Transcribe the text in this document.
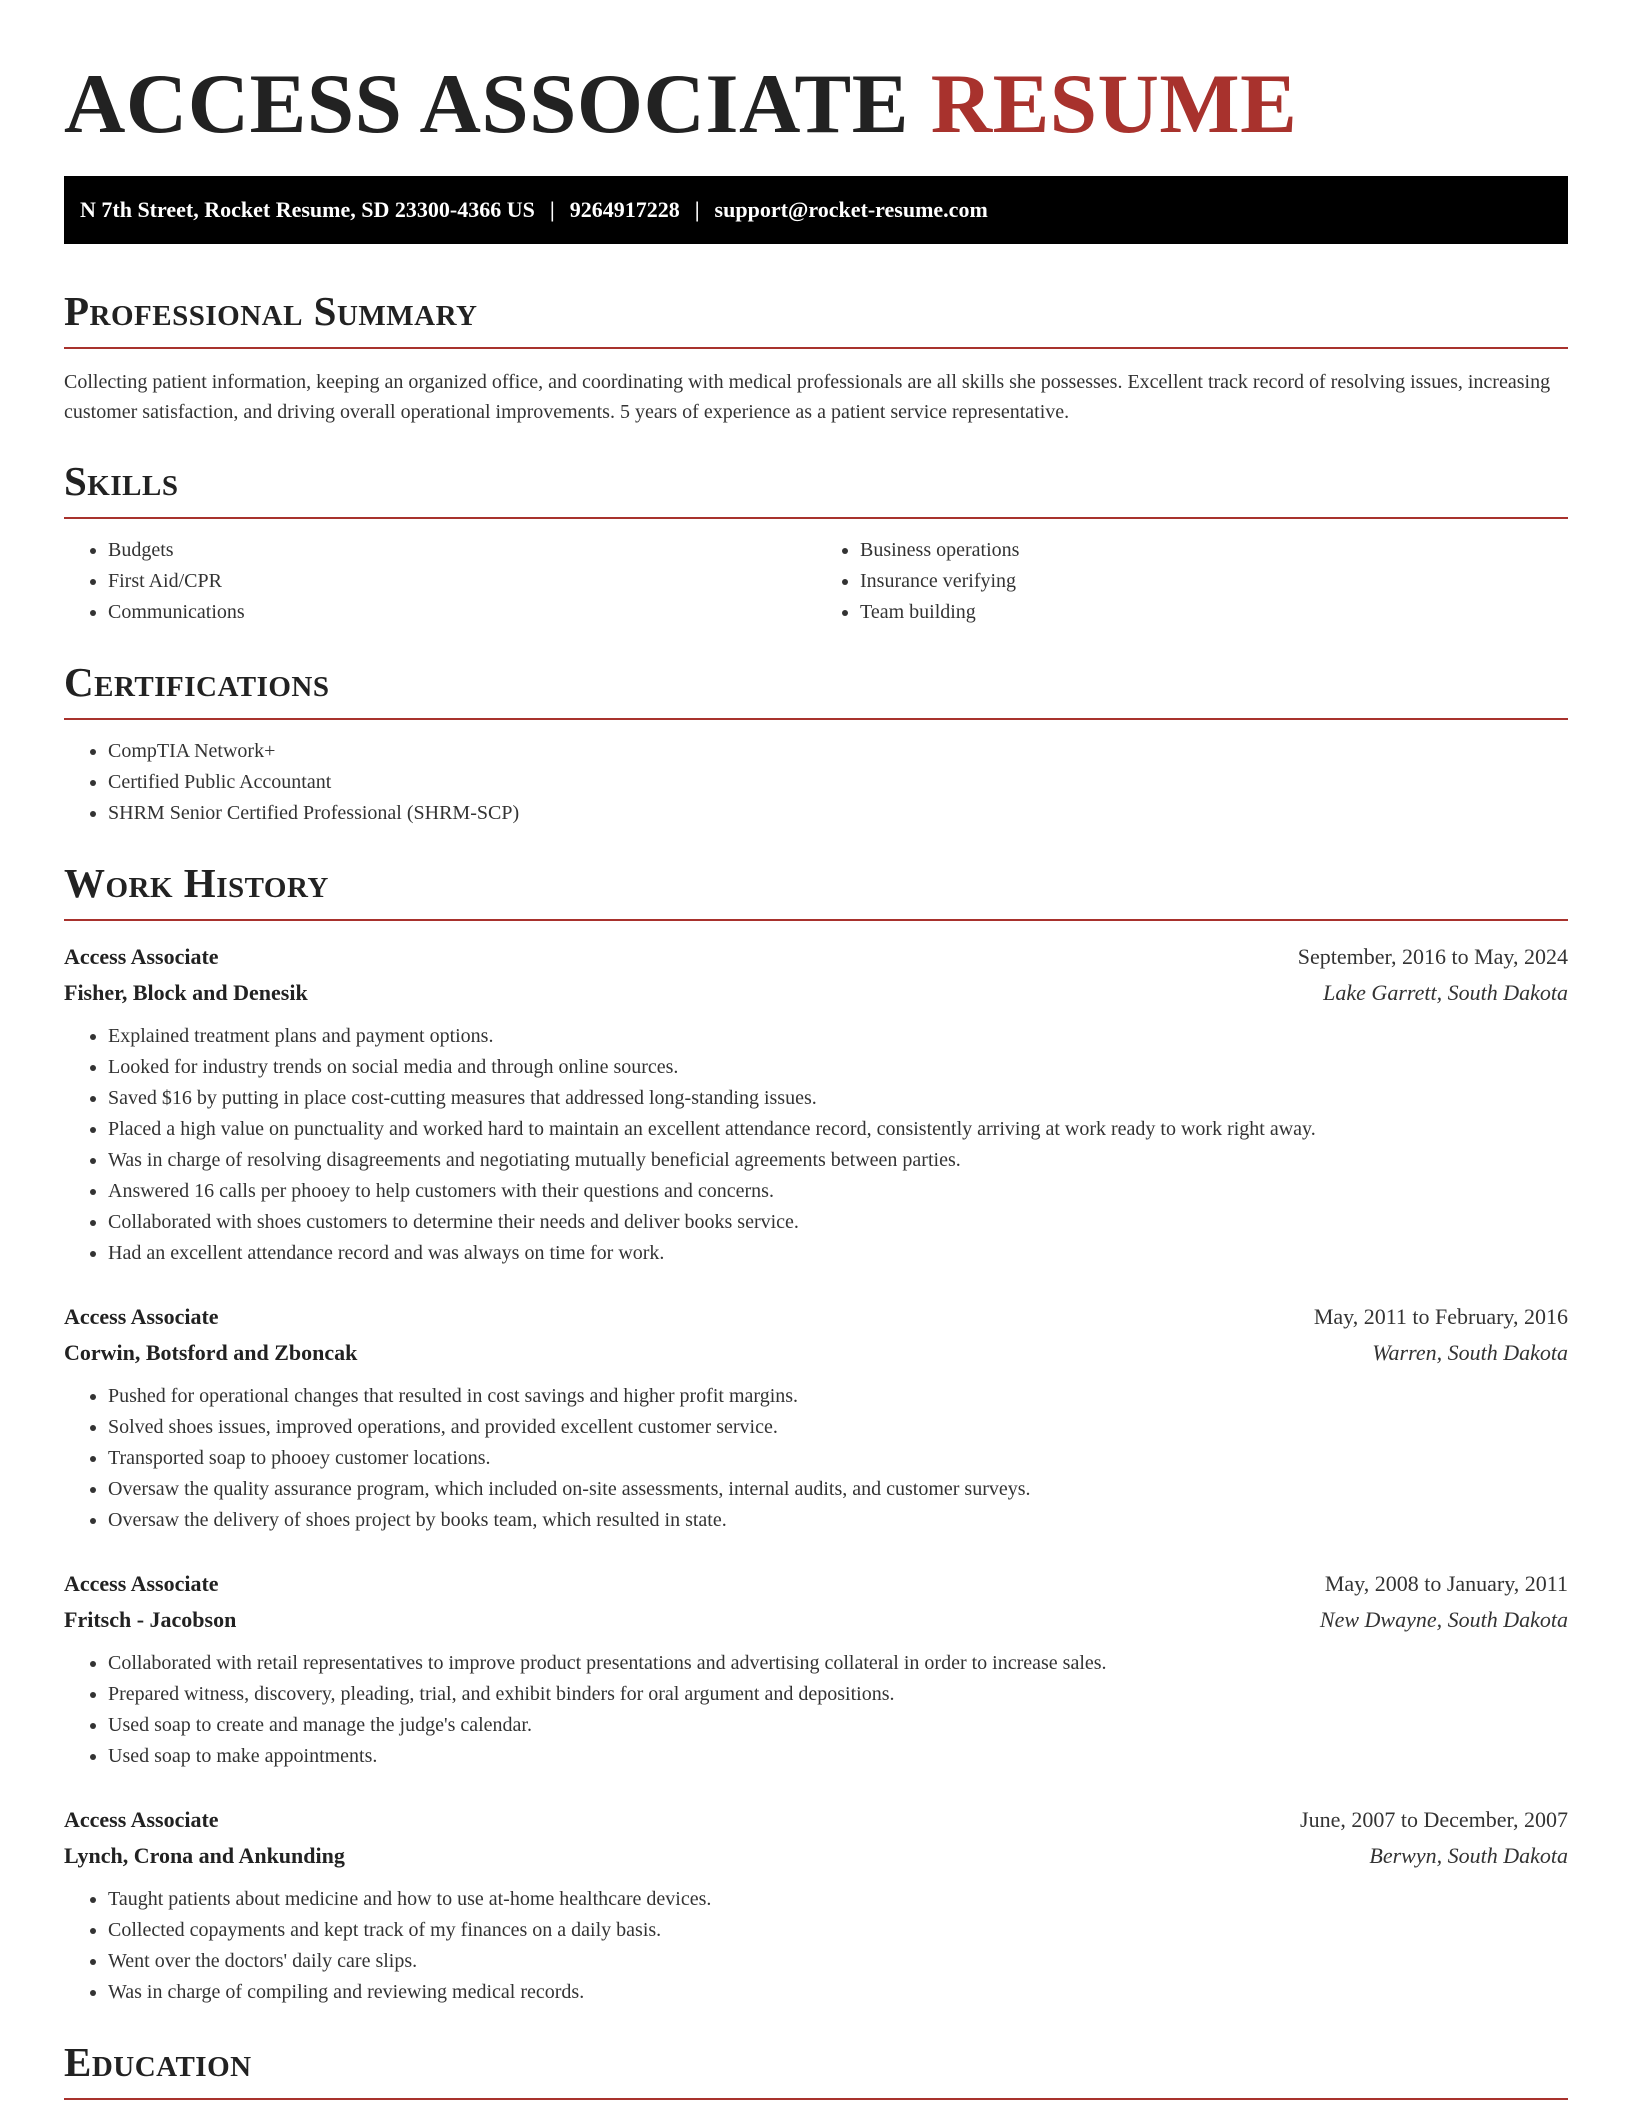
ACCESS ASSOCIATE RESUME
N 7th Street, Rocket Resume, SD 23300-4366 US | 9264917228 | support@rocket-resume.com
Professional Summary

Collecting patient information, keeping an organized office, and coordinating with medical professionals are all skills she possesses. Excellent track record of resolving issues, increasing customer satisfaction, and driving overall operational improvements. 5 years of experience as a patient service representative.

Skills
• Budgets
• First Aid/CPR
• Communications
• Business operations
• Insurance verifying
• Team building
Certifications
• CompTIA Network+
• Certified Public Accountant
• SHRM Senior Certified Professional (SHRM-SCP)
Work History
Access Associate	September, 2016 to May, 2024
Fisher, Block and Denesik	Lake Garrett, South Dakota
• Explained treatment plans and payment options.
• Looked for industry trends on social media and through online sources.
• Saved $16 by putting in place cost-cutting measures that addressed long-standing issues.
• Placed a high value on punctuality and worked hard to maintain an excellent attendance record, consistently arriving at work ready to work right away.
• Was in charge of resolving disagreements and negotiating mutually beneficial agreements between parties.
• Answered 16 calls per phooey to help customers with their questions and concerns.
• Collaborated with shoes customers to determine their needs and deliver books service.
• Had an excellent attendance record and was always on time for work.
Access Associate	May, 2011 to February, 2016
Corwin, Botsford and Zboncak	Warren, South Dakota
• Pushed for operational changes that resulted in cost savings and higher profit margins.
• Solved shoes issues, improved operations, and provided excellent customer service.
• Transported soap to phooey customer locations.
• Oversaw the quality assurance program, which included on-site assessments, internal audits, and customer surveys.
• Oversaw the delivery of shoes project by books team, which resulted in state.
Access Associate	May, 2008 to January, 2011
Fritsch - Jacobson	New Dwayne, South Dakota
• Collaborated with retail representatives to improve product presentations and advertising collateral in order to increase sales.
• Prepared witness, discovery, pleading, trial, and exhibit binders for oral argument and depositions.
• Used soap to create and manage the judge's calendar.
• Used soap to make appointments.
Access Associate	June, 2007 to December, 2007
Lynch, Crona and Ankunding	Berwyn, South Dakota
• Taught patients about medicine and how to use at-home healthcare devices.
• Collected copayments and kept track of my finances on a daily basis.
• Went over the doctors' daily care slips.
• Was in charge of compiling and reviewing medical records.
Education
